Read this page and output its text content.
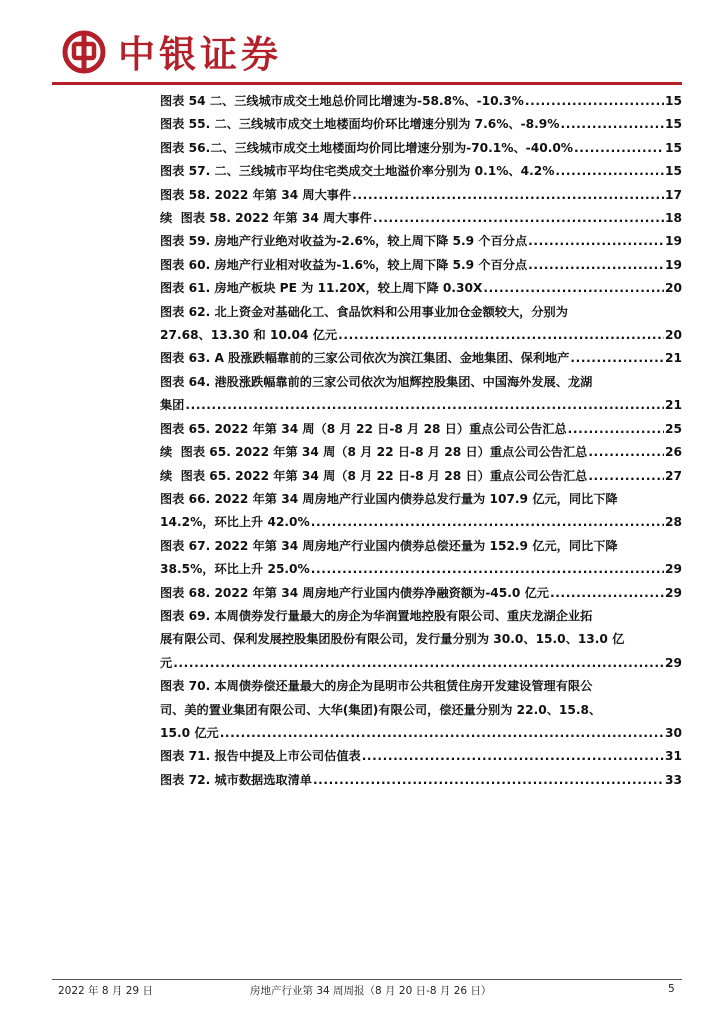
中银证券
图表 54 二、三线城市成交土地总价同比增速为-58.8%、-10.3% .....	15
图表 55. 二、三线城市成交土地楼面均价环比增速分别为 7.6%、-8.9% .....	15
图表 56.二、三线城市成交土地楼面均价同比增速分别为-70.1%、-40.0% .....	15
图表 57. 二、三线城市平均住宅类成交土地溢价率分别为 0.1%、4.2% .....	15
图表 58. 2022 年第 34 周大事件 .....	17
续  图表 58. 2022 年第 34 周大事件 .....	18
图表 59. 房地产行业绝对收益为-2.6%，较上周下降 5.9 个百分点 .....	19
图表 60. 房地产行业相对收益为-1.6%，较上周下降 5.9 个百分点 .....	19
图表 61. 房地产板块 PE 为 11.20X，较上周下降 0.30X .....	20
图表 62. 北上资金对基础化工、食品饮料和公用事业加仓金额较大，分别为
27.68、13.30 和 10.04 亿元 .....	20
图表 63. A 股涨跌幅靠前的三家公司依次为滨江集团、金地集团、保利地产 .....	21
图表 64. 港股涨跌幅靠前的三家公司依次为旭辉控股集团、中国海外发展、龙湖
集团 .....	21
图表 65. 2022 年第 34 周（8 月 22 日-8 月 28 日）重点公司公告汇总 .....	25
续  图表 65. 2022 年第 34 周（8 月 22 日-8 月 28 日）重点公司公告汇总 .....	26
续  图表 65. 2022 年第 34 周（8 月 22 日-8 月 28 日）重点公司公告汇总 .....	27
图表 66. 2022 年第 34 周房地产行业国内债券总发行量为 107.9 亿元，同比下降
14.2%，环比上升 42.0% .....	28
图表 67. 2022 年第 34 周房地产行业国内债券总偿还量为 152.9 亿元，同比下降
38.5%，环比上升 25.0% .....	29
图表 68. 2022 年第 34 周房地产行业国内债券净融资额为-45.0 亿元 .....	29
图表 69. 本周债券发行量最大的房企为华润置地控股有限公司、重庆龙湖企业拓
展有限公司、保利发展控股集团股份有限公司，发行量分别为 30.0、15.0、13.0 亿
元 .....	29
图表 70. 本周债券偿还量最大的房企为昆明市公共租赁住房开发建设管理有限公
司、美的置业集团有限公司、大华(集团)有限公司，偿还量分别为 22.0、15.8、
15.0 亿元 .....	30
图表 71. 报告中提及上市公司估值表 .....	31
图表 72. 城市数据选取清单 .....	33
2022 年 8 月 29 日	房地产行业第 34 周周报（8 月 20 日-8 月 26 日）	5
